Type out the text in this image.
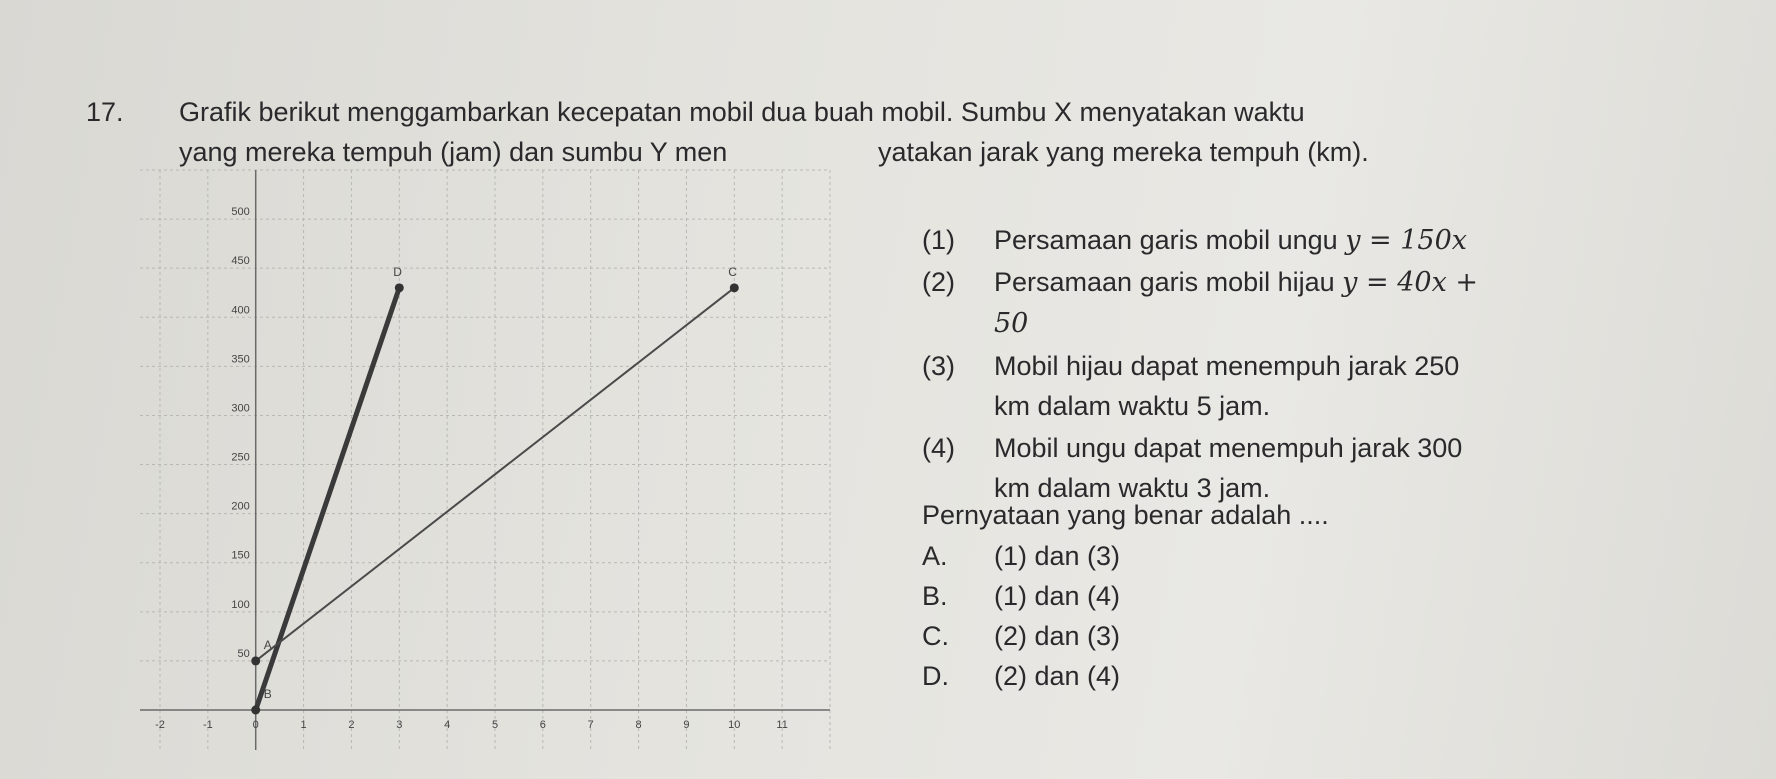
17. Grafik berikut menggambarkan kecepatan mobil dua buah mobil. Sumbu X menyatakan waktu
yang mereka tempuh (jam) dan sumbu Y men	yatakan jarak yang mereka tempuh (km).
-2	-1	0	1	2	3	4	5	6	7	8	9	10	11
50
100
150
200
250
300
350
400
450
500
B
D
A
C
(1) Persamaan garis mobil ungu y = 150x
(2) Persamaan garis mobil hijau y = 40x +
50
(3) Mobil hijau dapat menempuh jarak 250
km dalam waktu 5 jam.
(4) Mobil ungu dapat menempuh jarak 300
km dalam waktu 3 jam.
Pernyataan yang benar adalah ....
A. (1) dan (3)
B. (1) dan (4)
C. (2) dan (3)
D. (2) dan (4)
